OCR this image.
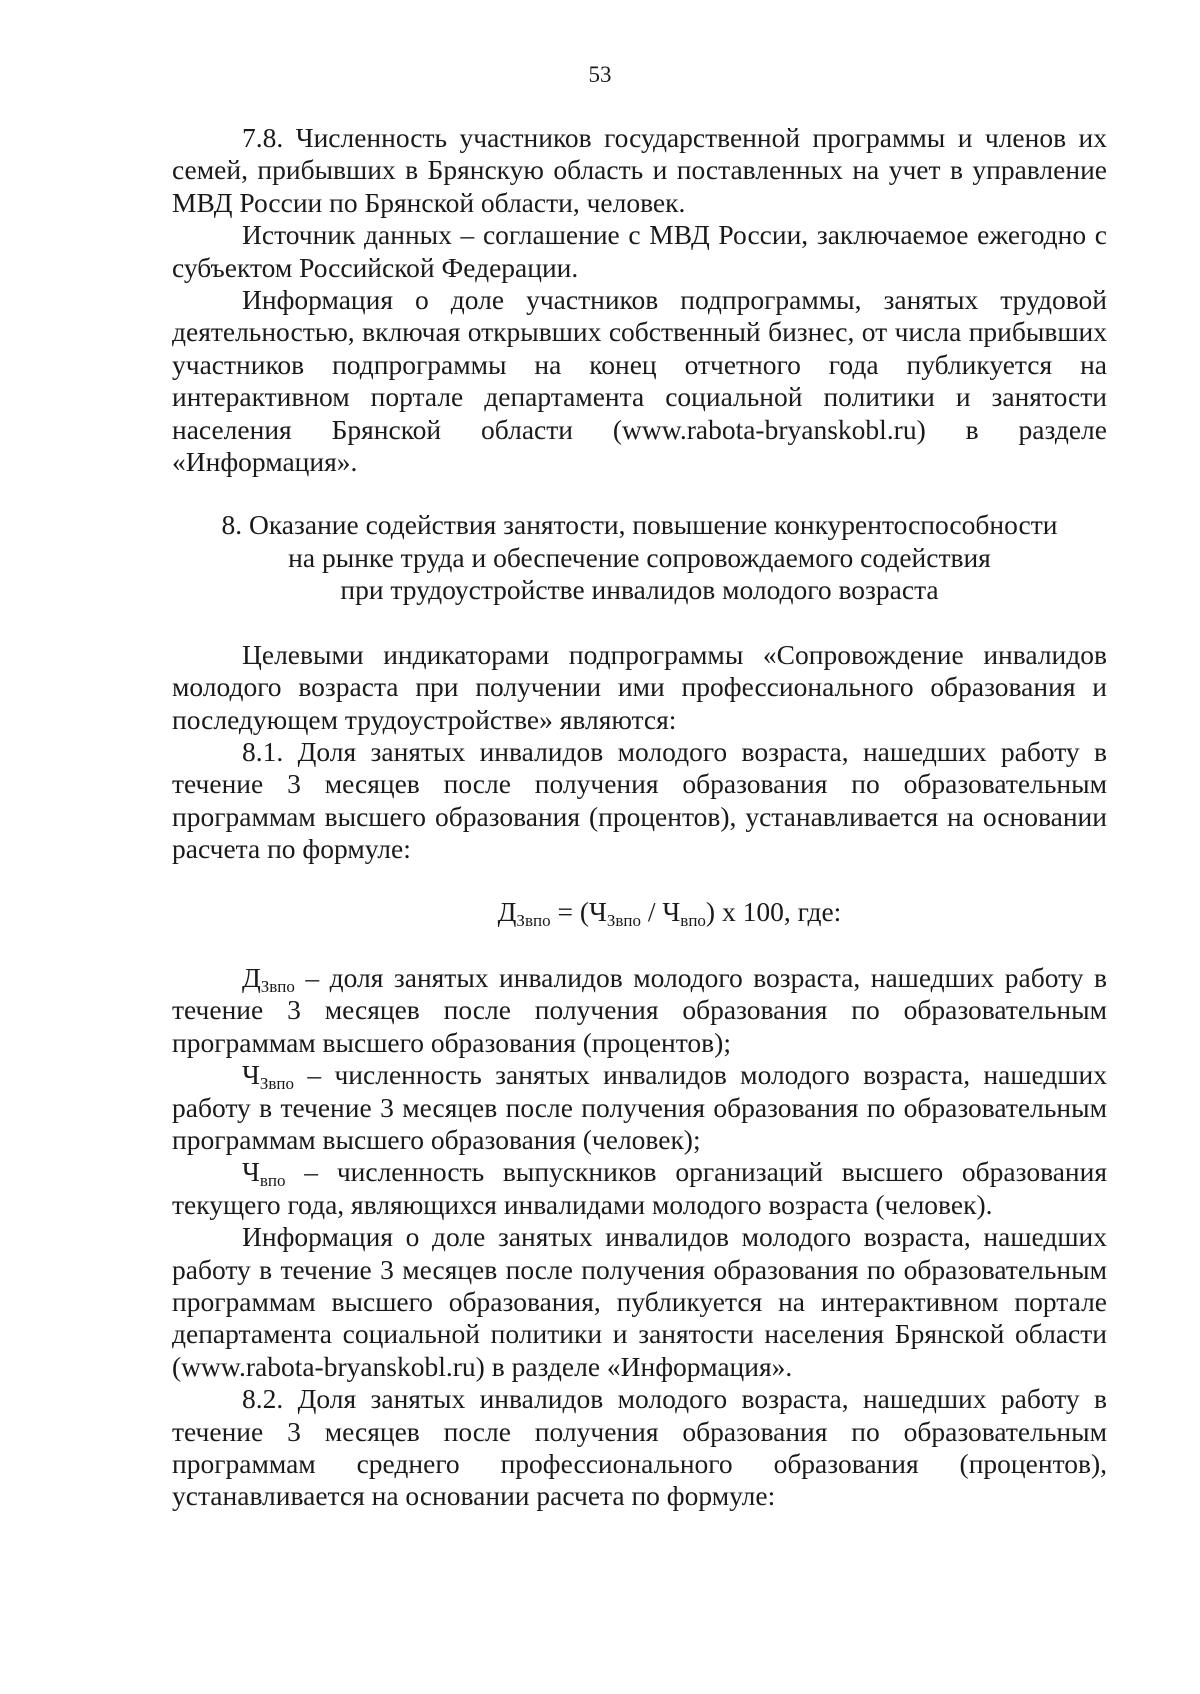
53

7.8. Численность участников государственной программы и членов их семей, прибывших в Брянскую область и поставленных на учет в управление МВД России по Брянской области, человек.

Источник данных – соглашение с МВД России, заключаемое ежегодно с субъектом Российской Федерации.

Информация о доле участников подпрограммы, занятых трудовой деятельностью, включая открывших собственный бизнес, от числа прибывших участников подпрограммы на конец отчетного года публикуется на интерактивном портале департамента социальной политики и занятости населения Брянской области (www.rabota-bryanskobl.ru) в разделе «Информация».

8. Оказание содействия занятости, повышение конкурентоспособности
на рынке труда и обеспечение сопровождаемого содействия
при трудоустройстве инвалидов молодого возраста

Целевыми индикаторами подпрограммы «Сопровождение инвалидов молодого возраста при получении ими профессионального образования и последующем трудоустройстве» являются:

8.1. Доля занятых инвалидов молодого возраста, нашедших работу в течение 3 месяцев после получения образования по образовательным программам высшего образования (процентов), устанавливается на основании расчета по формуле:

$Д_{Звпо} = (Ч_{Звпо} / Ч_{впо})$ x 100, где:

$Д_{Звпо}$ – доля занятых инвалидов молодого возраста, нашедших работу в течение 3 месяцев после получения образования по образовательным программам высшего образования (процентов);

$Ч_{Звпо}$ – численность занятых инвалидов молодого возраста, нашедших работу в течение 3 месяцев после получения образования по образовательным программам высшего образования (человек);

$Ч_{впо}$ – численность выпускников организаций высшего образования текущего года, являющихся инвалидами молодого возраста (человек).

Информация о доле занятых инвалидов молодого возраста, нашедших работу в течение 3 месяцев после получения образования по образовательным программам высшего образования, публикуется на интерактивном портале департамента социальной политики и занятости населения Брянской области (www.rabota-bryanskobl.ru) в разделе «Информация».

8.2. Доля занятых инвалидов молодого возраста, нашедших работу в течение 3 месяцев после получения образования по образовательным программам среднего профессионального образования (процентов), устанавливается на основании расчета по формуле:
